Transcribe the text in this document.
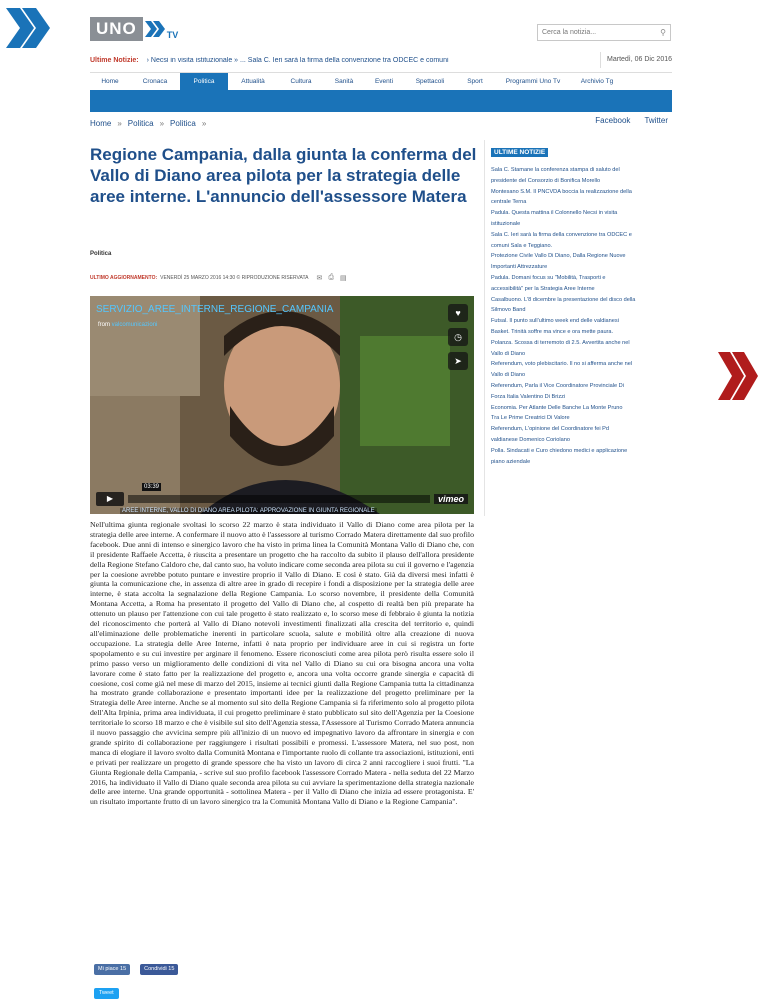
UNO	TV	Cerca la notizia...	⚲
Ultime Notizie: › Necsi in visita istituzionale » ... Sala C. Ieri sarà la firma della convenzione tra ODCEC e comuni	Martedì, 06 Dic 2016
Home	Cronaca	Politica	Attualità	Cultura	Sanità	Eventi	Spettacoli	Sport	Programmi Uno Tv	Archivio Tg
Home » Politica » Politica »	Facebook Twitter
Regione Campania, dalla giunta la conferma del Vallo di Diano area pilota per la strategia delle aree interne. L'annuncio dell'assessore Matera
Politica
ULTIMO AGGIORNAMENTO: VENERDÌ 25 MARZO 2016 14:30 © RIPRODUZIONE RISERVATA ✉ ⎙ ▤
SERVIZIO_AREE_INTERNE_REGIONE_CAMPANIA
from valcomunicazioni
♥
◷
➤
▶
03:39
vimeo
AREE INTERNE, VALLO DI DIANO AREA PILOTA: APPROVAZIONE IN GIUNTA REGIONALE
Nell'ultima giunta regionale svoltasi lo scorso 22 marzo è stata individuato il Vallo di Diano come area pilota per la strategia delle aree interne. A confermare il nuovo atto è l'assessore al turismo Corrado Matera direttamente dal suo profilo facebook. Due anni di intenso e sinergico lavoro che ha visto in prima linea la Comunità Montana Vallo di Diano che, con il presidente Raffaele Accetta, è riuscita a presentare un progetto che ha raccolto da subito il plauso dell'allora presidente della Regione Stefano Caldoro che, dal canto suo, ha voluto indicare come seconda area pilota su cui il governo e l'agenzia per la coesione avrebbe potuto puntare e investire proprio il Vallo di Diano. E così è stato. Già da diversi mesi infatti è giunta la comunicazione che, in assenza di altre aree in grado di recepire i fondi a disposizione per la strategia delle aree interne, è stata accolta la segnalazione della Regione Campania. Lo scorso novembre, il presidente della Comunità Montana Accetta, a Roma ha presentato il progetto del Vallo di Diano che, al cospetto di realtà ben più preparate ha ottenuto un plauso per l'attenzione con cui tale progetto è stato realizzato e, lo scorso mese di febbraio è giunta la notizia del riconoscimento che porterà al Vallo di Diano notevoli investimenti finalizzati alla crescita del territorio e, quindi all'eliminazione delle problematiche inerenti in particolare scuola, salute e mobilità oltre alla creazione di nuova occupazione. La strategia delle Aree Interne, infatti è nata proprio per individuare aree in cui si registra un forte spopolamento e su cui investire per arginare il fenomeno. Essere riconosciuti come area pilota però risulta essere solo il primo passo verso un miglioramento delle condizioni di vita nel Vallo di Diano su cui ora bisogna ancora una volta lavorare come è stato fatto per la realizzazione del progetto e, ancora una volta occorre grande sinergia e capacità di coesione, così come già nel mese di marzo del 2015, insieme ai tecnici giunti dalla Regione Campania tutta la cittadinanza ha mostrato grande collaborazione e presentato importanti idee per la realizzazione del progetto preliminare per la Strategia delle Aree interne. Anche se al momento sul sito della Regione Campania si fa riferimento solo al progetto pilota dell'Alta Irpinia, prima area individuata, il cui progetto preliminare è stato pubblicato sul sito dell'Agenzia per la Coesione territoriale lo scorso 18 marzo e che è visibile sul sito dell'Agenzia stessa, l'Assessore al Turismo Corrado Matera annuncia il nuovo passaggio che avvicina sempre più all'inizio di un nuovo ed impegnativo lavoro da affrontare in sinergia e con grande spirito di collaborazione per raggiungere i risultati possibili e promessi. L'assessore Matera, nel suo post, non manca di elogiare il lavoro svolto dalla Comunità Montana e l'importante ruolo di collante tra associazioni, istituzioni, enti e privati per realizzare un progetto di grande spessore che ha visto un lavoro di circa 2 anni raccogliere i suoi frutti. "La Giunta Regionale della Campania, - scrive sul suo profilo facebook l'assessore Corrado Matera - nella seduta del 22 Marzo 2016, ha individuato il Vallo di Diano quale seconda area pilota su cui avviare la sperimentazione della strategia nazionale delle aree interne. Una grande opportunità - sottolinea Matera - per il Vallo di Diano che inizia ad essere protagonista. E' un risultato importante frutto di un lavoro sinergico tra la Comunità Montana Vallo di Diano e la Regione Campania".
Mi piace 15	Condividi 15
Tweet
ULTIME NOTIZIE
Sala C. Stamane la conferenza stampa di saluto del
presidente del Consorzio di Bonifica Morello
Montesano S.M. Il PNCVDA boccia la realizzazione della
centrale Terna
Padula. Questa mattina il Colonnello Necsi in visita
istituzionale
Sala C. Ieri sarà la firma della convenzione tra ODCEC e
comuni Sala e Teggiano.
Protezione Civile Vallo Di Diano, Dalla Regione Nuove
Importanti Attrezzature
Padula. Domani focus su "Mobilità, Trasporti e
accessibilità" per la Strategia Aree Interne
Casalbuono. L'8 dicembre la presentazione del disco della
Silmovo Band
Futsal. Il punto sull'ultimo week end delle valdianesi
Basket. Trinità soffre ma vince e ora mette paura.
Polanza. Scossa di terremoto di 2.5. Avvertita anche nel
Vallo di Diano
Referendum, voto plebiscitario. Il no si afferma anche nel
Vallo di Diano
Referendum, Parla il Vice Coordinatore Provinciale Di
Forza Italia Valentino Di Brizzi
Economia. Per Atlante Delle Banche La Monte Pruno
Tra Le Prime Creatrici Di Valore
Referendum, L'opinione del Coordinatore fei Pd
valdianese Domenico Coriolano
Polla. Sindacati e Curo chiedono medici e applicazione
piano aziendale
